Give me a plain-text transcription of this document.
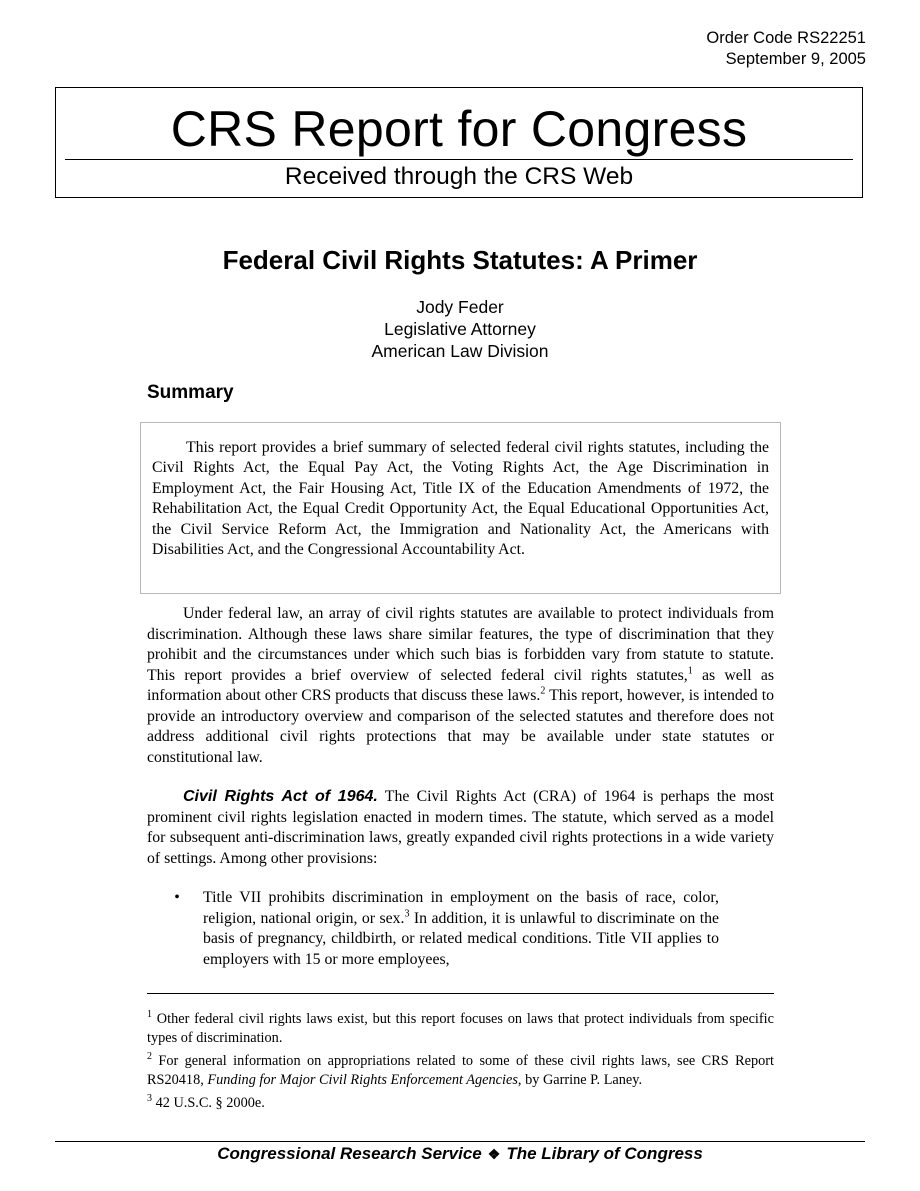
Order Code RS22251
September 9, 2005
CRS Report for Congress
Received through the CRS Web
Federal Civil Rights Statutes: A Primer
Jody Feder
Legislative Attorney
American Law Division
Summary

This report provides a brief summary of selected federal civil rights statutes, including the Civil Rights Act, the Equal Pay Act, the Voting Rights Act, the Age Discrimination in Employment Act, the Fair Housing Act, Title IX of the Education Amendments of 1972, the Rehabilitation Act, the Equal Credit Opportunity Act, the Equal Educational Opportunities Act, the Civil Service Reform Act, the Immigration and Nationality Act, the Americans with Disabilities Act, and the Congressional Accountability Act.

Under federal law, an array of civil rights statutes are available to protect individuals from discrimination. Although these laws share similar features, the type of discrimination that they prohibit and the circumstances under which such bias is forbidden vary from statute to statute. This report provides a brief overview of selected federal civil rights statutes,$^1$ as well as information about other CRS products that discuss these laws.$^2$ This report, however, is intended to provide an introductory overview and comparison of the selected statutes and therefore does not address additional civil rights protections that may be available under state statutes or constitutional law.

Civil Rights Act of 1964. The Civil Rights Act (CRA) of 1964 is perhaps the most prominent civil rights legislation enacted in modern times. The statute, which served as a model for subsequent anti-discrimination laws, greatly expanded civil rights protections in a wide variety of settings. Among other provisions:

•	Title VII prohibits discrimination in employment on the basis of race, color, religion, national origin, or sex.$^3$ In addition, it is unlawful to discriminate on the basis of pregnancy, childbirth, or related medical conditions. Title VII applies to employers with 15 or more employees,

$^1$ Other federal civil rights laws exist, but this report focuses on laws that protect individuals from specific types of discrimination.

$^2$ For general information on appropriations related to some of these civil rights laws, see CRS Report RS20418, Funding for Major Civil Rights Enforcement Agencies, by Garrine P. Laney.

$^3$ 42 U.S.C. § 2000e.

Congressional Research Service ❖ The Library of Congress
